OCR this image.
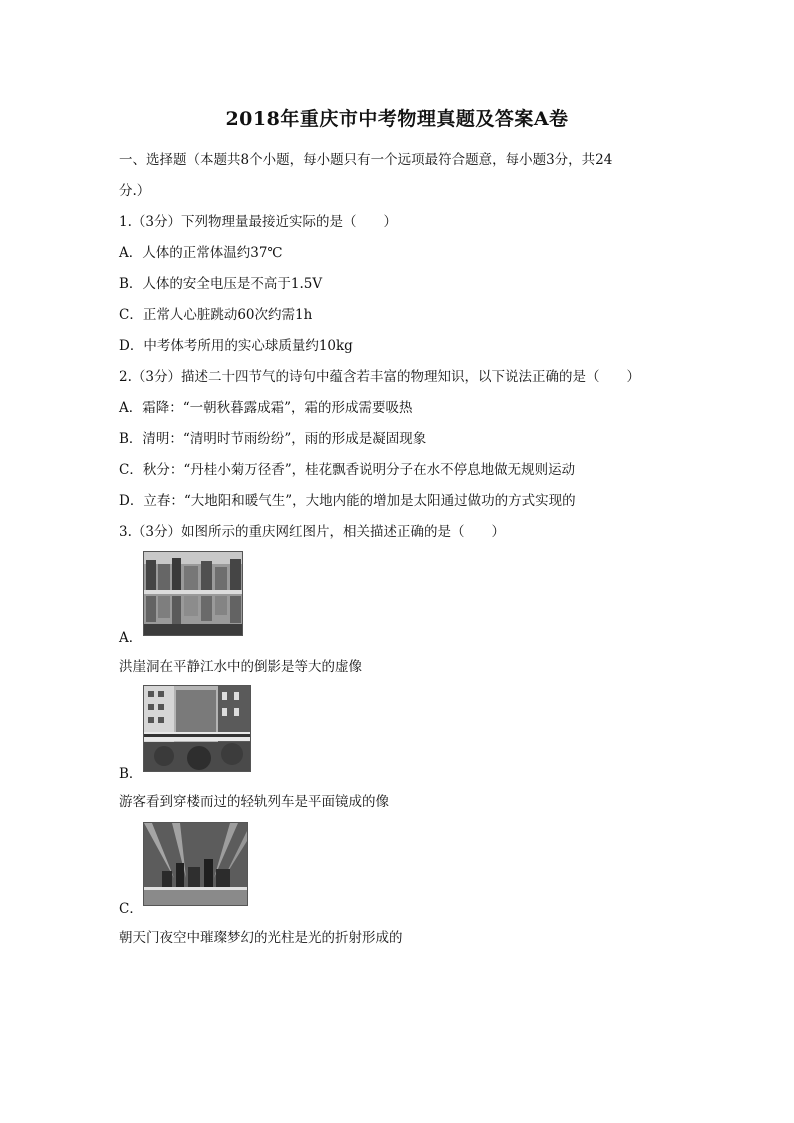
2018年重庆市中考物理真题及答案A卷
一、选择题（本题共8个小题，每小题只有一个远项最符合题意，每小题3分，共24
分.）
1.（3分）下列物理量最接近实际的是（　　）
A．人体的正常体温约37℃
B．人体的安全电压是不高于1.5V
C．正常人心脏跳动60次约需1h
D．中考体考所用的实心球质量约10kg
2.（3分）描述二十四节气的诗句中蕴含若丰富的物理知识，以下说法正确的是（　　）
A．霜降：“一朝秋暮露成霜”，霜的形成需要吸热
B．清明：“清明时节雨纷纷”，雨的形成是凝固现象
C．秋分：“丹桂小菊万径香”，桂花飘香说明分子在水不停息地做无规则运动
D．立春：“大地阳和暖气生”，大地内能的增加是太阳通过做功的方式实现的
3.（3分）如图所示的重庆网红图片，相关描述正确的是（　　）
A．
洪崖洞在平静江水中的倒影是等大的虚像
B．
游客看到穿楼而过的轻轨列车是平面镜成的像
C．
朝天门夜空中璀璨梦幻的光柱是光的折射形成的
